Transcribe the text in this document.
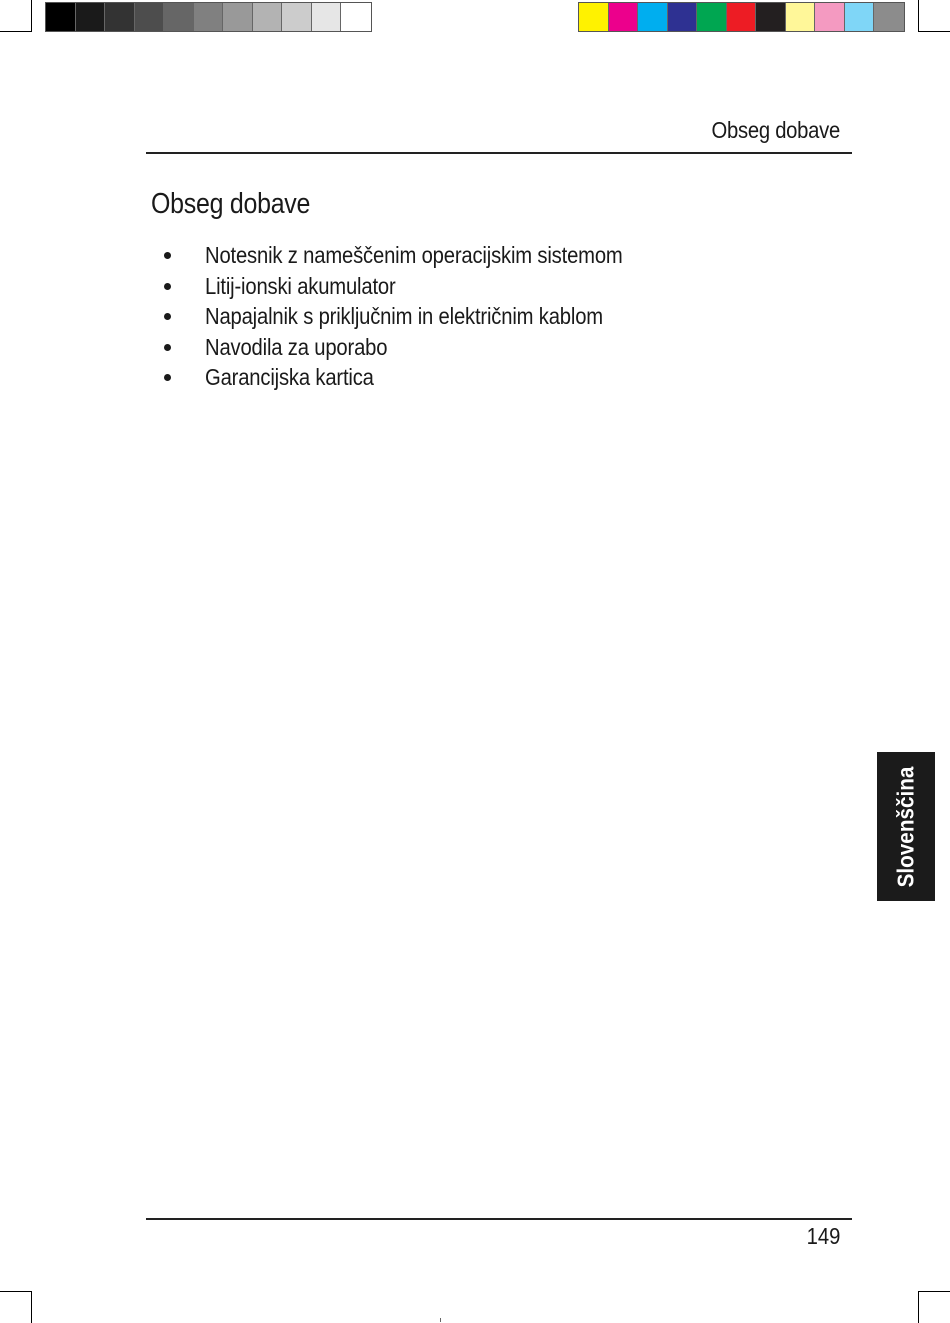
Obseg dobave
Obseg dobave
Notesnik z nameščenim operacijskim sistemom
Litij-ionski akumulator
Napajalnik s priključnim in električnim kablom
Navodila za uporabo
Garancijska kartica
Slovenščina
149
